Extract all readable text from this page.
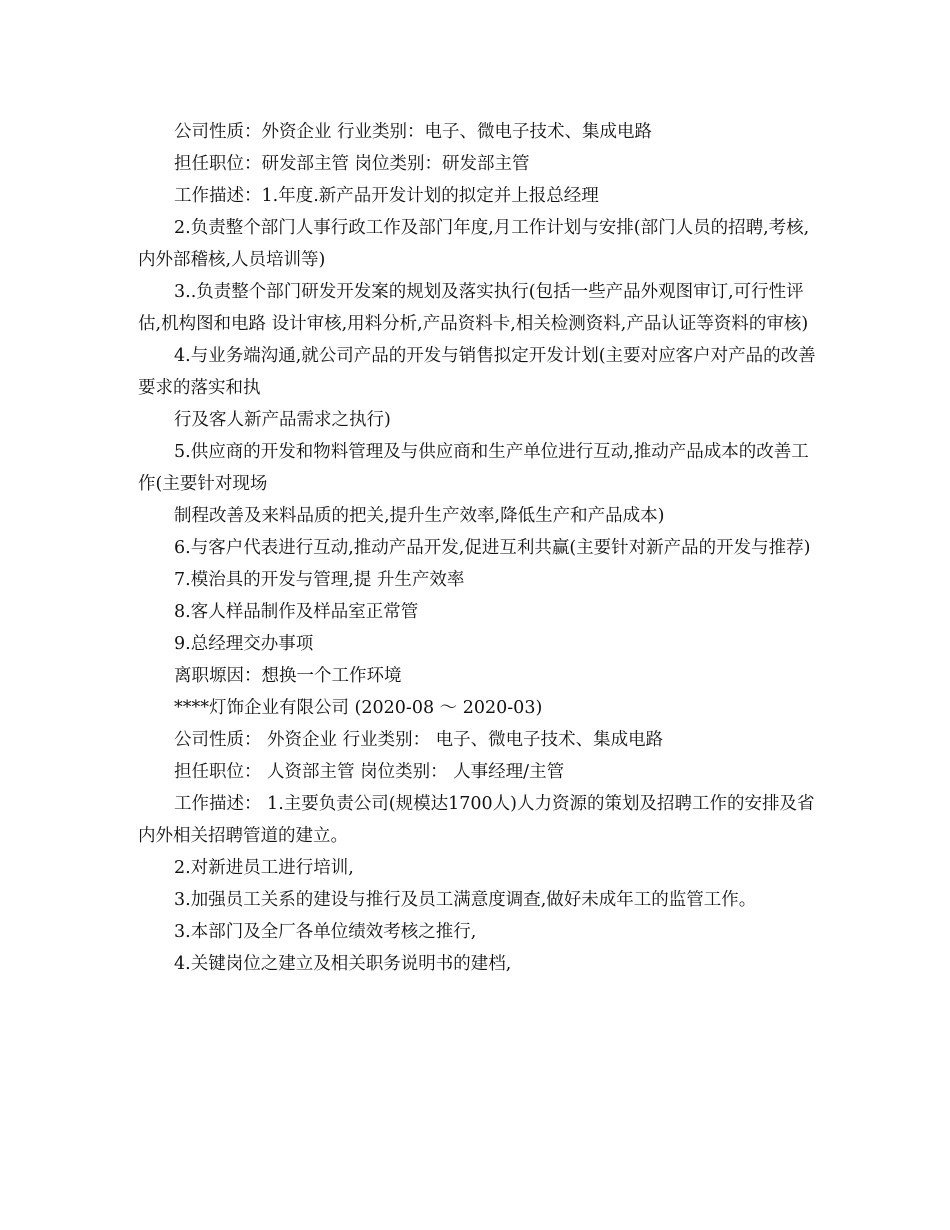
公司性质：外资企业 行业类别：电子、微电子技术、集成电路

担任职位：研发部主管 岗位类别：研发部主管

工作描述：1.年度.新产品开发计划的拟定并上报总经理

2.负责整个部门人事行政工作及部门年度,月工作计划与安排(部门人员的招聘,考核,内外部稽核,人员培训等)

3..负责整个部门研发开发案的规划及落实执行(包括一些产品外观图审订,可行性评估,机构图和电路 设计审核,用料分析,产品资料卡,相关检测资料,产品认证等资料的审核)

4.与业务端沟通,就公司产品的开发与销售拟定开发计划(主要对应客户对产品的改善要求的落实和执

行及客人新产品需求之执行)

5.供应商的开发和物料管理及与供应商和生产单位进行互动,推动产品成本的改善工作(主要针对现场

制程改善及来料品质的把关,提升生产效率,降低生产和产品成本)

6.与客户代表进行互动,推动产品开发,促进互利共赢(主要针对新产品的开发与推荐)

7.模治具的开发与管理,提 升生产效率

8.客人样品制作及样品室正常管

9.总经理交办事项

离职塬因：想换一个工作环境

****灯饰企业有限公司 (2020-08 ～ 2020-03)

公司性质： 外资企业 行业类别： 电子、微电子技术、集成电路

担任职位： 人资部主管 岗位类别： 人事经理/主管

工作描述： 1.主要负责公司(规模达1700人)人力资源的策划及招聘工作的安排及省内外相关招聘管道的建立。

2.对新进员工进行培训,

3.加强员工关系的建设与推行及员工满意度调查,做好未成年工的监管工作。

3.本部门及全厂各单位绩效考核之推行,

4.关键岗位之建立及相关职务说明书的建档,
